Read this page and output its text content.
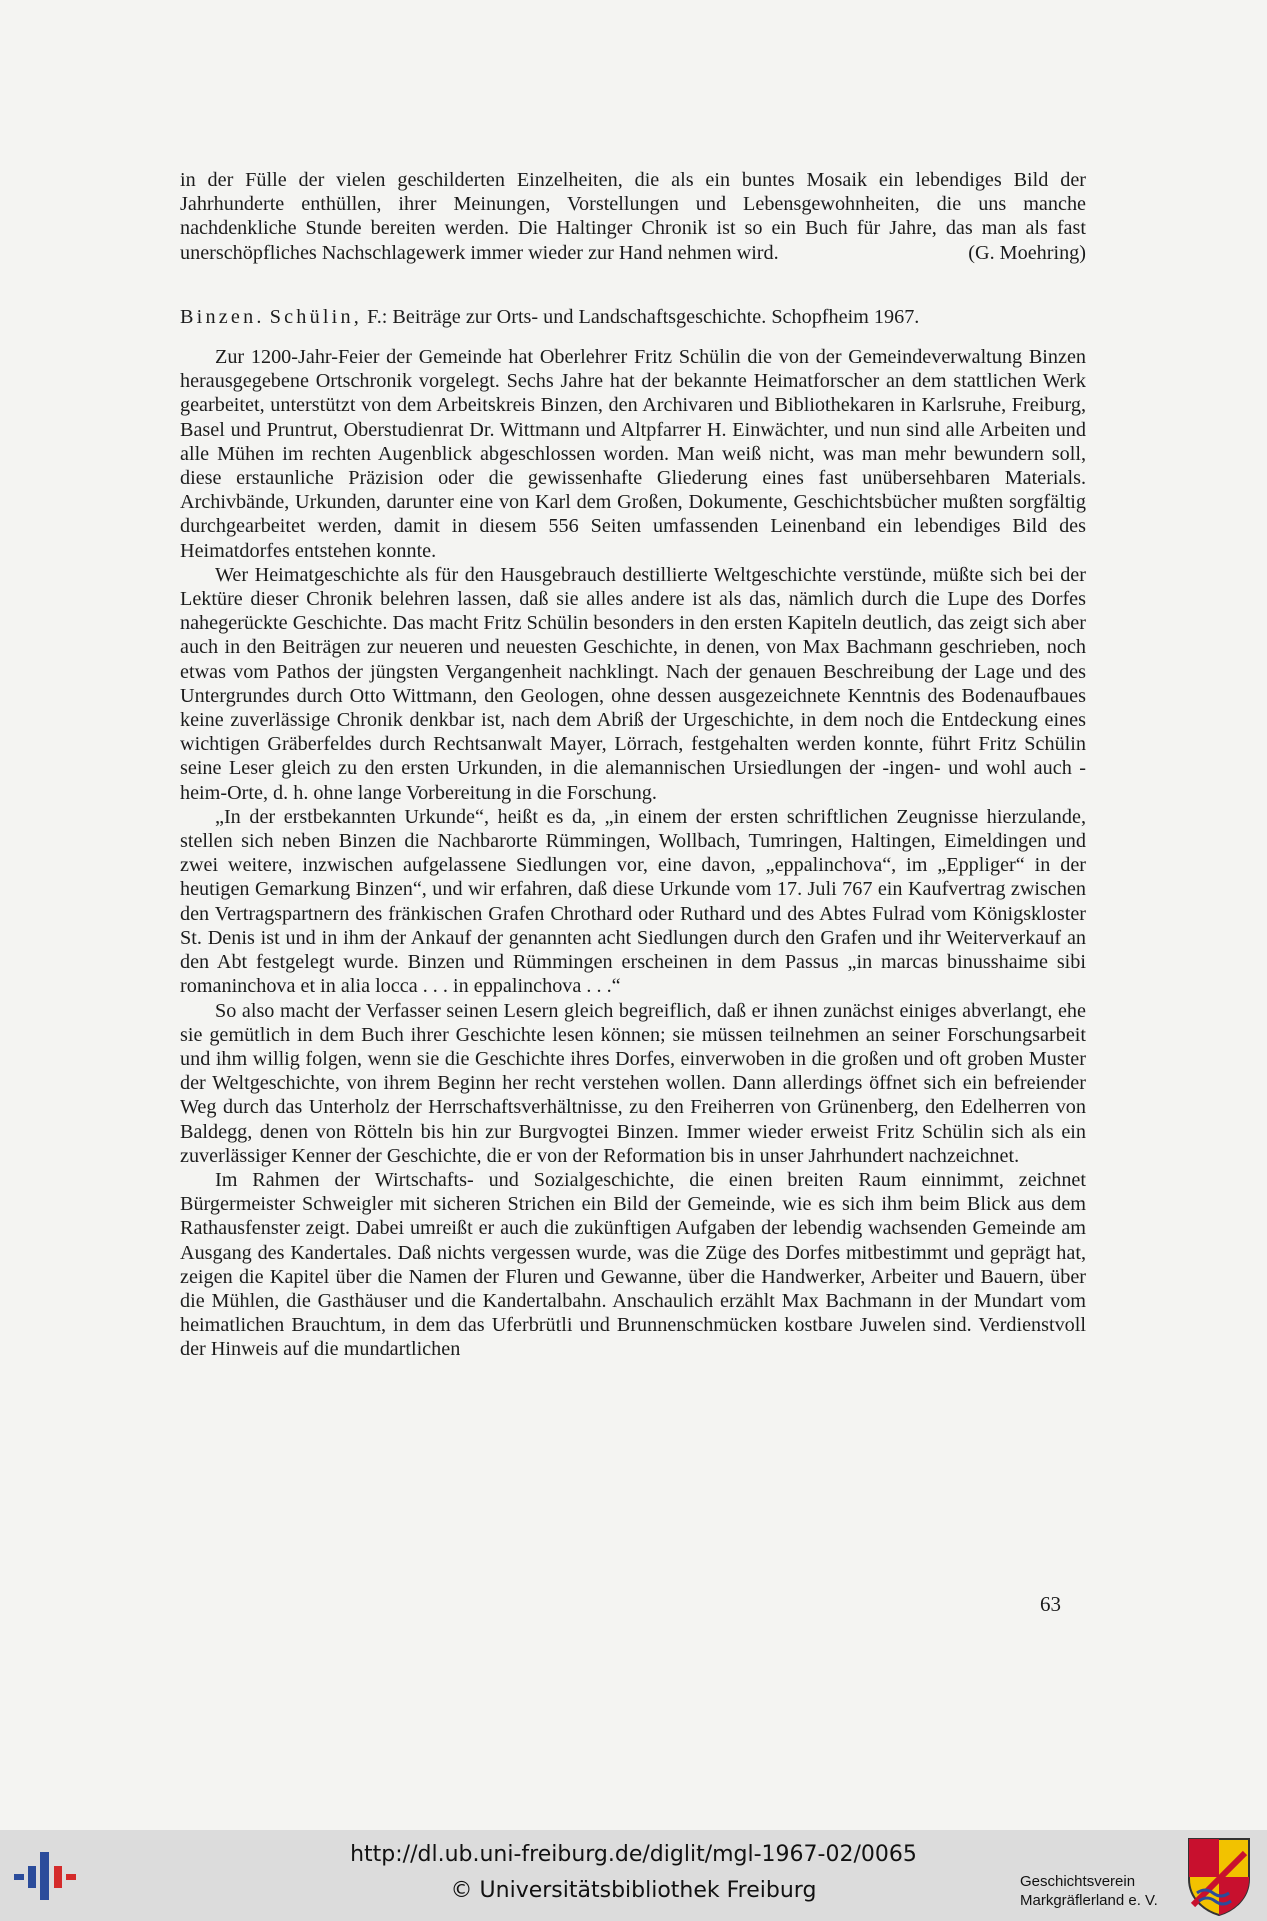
in der Fülle der vielen geschilderten Einzelheiten, die als ein buntes Mosaik ein lebendiges Bild der Jahrhunderte enthüllen, ihrer Meinungen, Vorstellungen und Lebensgewohnheiten, die uns manche nachdenkliche Stunde bereiten werden. Die Haltinger Chronik ist so ein Buch für Jahre, das man als fast unerschöpfliches Nachschlagewerk immer wieder zur Hand nehmen wird.	(G. Moehring)

Binzen. Schülin, F.: Beiträge zur Orts- und Landschaftsgeschichte. Schopfheim 1967.

Zur 1200-Jahr-Feier der Gemeinde hat Oberlehrer Fritz Schülin die von der Gemeindeverwaltung Binzen herausgegebene Ortschronik vorgelegt. Sechs Jahre hat der bekannte Heimatforscher an dem stattlichen Werk gearbeitet, unterstützt von dem Arbeitskreis Binzen, den Archivaren und Bibliothekaren in Karlsruhe, Freiburg, Basel und Pruntrut, Oberstudienrat Dr. Wittmann und Altpfarrer H. Einwächter, und nun sind alle Arbeiten und alle Mühen im rechten Augenblick abgeschlossen worden. Man weiß nicht, was man mehr bewundern soll, diese erstaunliche Präzision oder die gewissenhafte Gliederung eines fast unübersehbaren Materials. Archivbände, Urkunden, darunter eine von Karl dem Großen, Dokumente, Geschichtsbücher mußten sorgfältig durchgearbeitet werden, damit in diesem 556 Seiten umfassenden Leinenband ein lebendiges Bild des Heimatdorfes entstehen konnte.

Wer Heimatgeschichte als für den Hausgebrauch destillierte Weltgeschichte verstünde, müßte sich bei der Lektüre dieser Chronik belehren lassen, daß sie alles andere ist als das, nämlich durch die Lupe des Dorfes nahegerückte Geschichte. Das macht Fritz Schülin besonders in den ersten Kapiteln deutlich, das zeigt sich aber auch in den Beiträgen zur neueren und neuesten Geschichte, in denen, von Max Bachmann geschrieben, noch etwas vom Pathos der jüngsten Vergangenheit nachklingt. Nach der genauen Beschreibung der Lage und des Untergrundes durch Otto Wittmann, den Geologen, ohne dessen ausgezeichnete Kenntnis des Bodenaufbaues keine zuverlässige Chronik denkbar ist, nach dem Abriß der Urgeschichte, in dem noch die Entdeckung eines wichtigen Gräberfeldes durch Rechtsanwalt Mayer, Lörrach, festgehalten werden konnte, führt Fritz Schülin seine Leser gleich zu den ersten Urkunden, in die alemannischen Ursiedlungen der -ingen- und wohl auch -heim-Orte, d. h. ohne lange Vorbereitung in die Forschung.

„In der erstbekannten Urkunde“, heißt es da, „in einem der ersten schriftlichen Zeugnisse hierzulande, stellen sich neben Binzen die Nachbarorte Rümmingen, Wollbach, Tumringen, Haltingen, Eimeldingen und zwei weitere, inzwischen aufgelassene Siedlungen vor, eine davon, „eppalinchova“, im „Eppliger“ in der heutigen Gemarkung Binzen“, und wir erfahren, daß diese Urkunde vom 17. Juli 767 ein Kaufvertrag zwischen den Vertragspartnern des fränkischen Grafen Chrothard oder Ruthard und des Abtes Fulrad vom Königskloster St. Denis ist und in ihm der Ankauf der genannten acht Siedlungen durch den Grafen und ihr Weiterverkauf an den Abt festgelegt wurde. Binzen und Rümmingen erscheinen in dem Passus „in marcas binusshaime sibi romaninchova et in alia locca . . . in eppalinchova . . .“

So also macht der Verfasser seinen Lesern gleich begreiflich, daß er ihnen zunächst einiges abverlangt, ehe sie gemütlich in dem Buch ihrer Geschichte lesen können; sie müssen teilnehmen an seiner Forschungsarbeit und ihm willig folgen, wenn sie die Geschichte ihres Dorfes, einverwoben in die großen und oft groben Muster der Weltgeschichte, von ihrem Beginn her recht verstehen wollen. Dann allerdings öffnet sich ein befreiender Weg durch das Unterholz der Herrschaftsverhältnisse, zu den Freiherren von Grünenberg, den Edelherren von Baldegg, denen von Rötteln bis hin zur Burgvogtei Binzen. Immer wieder erweist Fritz Schülin sich als ein zuverlässiger Kenner der Geschichte, die er von der Reformation bis in unser Jahrhundert nachzeichnet.

Im Rahmen der Wirtschafts- und Sozialgeschichte, die einen breiten Raum einnimmt, zeichnet Bürgermeister Schweigler mit sicheren Strichen ein Bild der Gemeinde, wie es sich ihm beim Blick aus dem Rathausfenster zeigt. Dabei umreißt er auch die zukünftigen Aufgaben der lebendig wachsenden Gemeinde am Ausgang des Kandertales. Daß nichts vergessen wurde, was die Züge des Dorfes mitbestimmt und geprägt hat, zeigen die Kapitel über die Namen der Fluren und Gewanne, über die Handwerker, Arbeiter und Bauern, über die Mühlen, die Gasthäuser und die Kandertalbahn. Anschaulich erzählt Max Bachmann in der Mundart vom heimatlichen Brauchtum, in dem das Uferbrütli und Brunnenschmücken kostbare Juwelen sind. Verdienstvoll der Hinweis auf die mundartlichen

63
http://dl.ub.uni-freiburg.de/diglit/mgl-1967-02/0065
© Universitätsbibliothek Freiburg	Geschichtsverein
Markgräflerland e. V.
